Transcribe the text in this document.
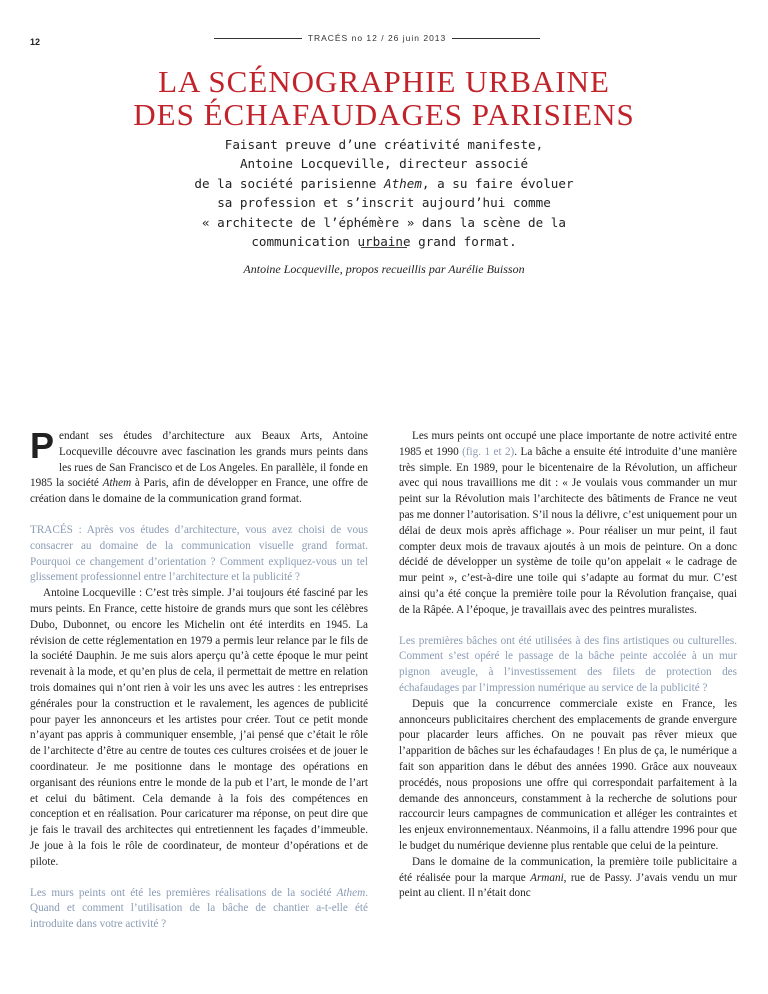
12	TRACÉS no 12 / 26 juin 2013
LA SCÉNOGRAPHIE URBAINE
DES ÉCHAFAUDAGES PARISIENS

Faisant preuve d’une créativité manifeste,
Antoine Locqueville, directeur associé
de la société parisienne Athem, a su faire évoluer
sa profession et s’inscrit aujourd’hui comme
« architecte de l’éphémère » dans la scène de la
communication urbaine grand format.

Antoine Locqueville, propos recueillis par Aurélie Buisson

Pendant ses études d’architecture aux Beaux Arts, Antoine Locqueville découvre avec fascination les grands murs peints dans les rues de San Francisco et de Los Angeles. En parallèle, il fonde en 1985 la société Athem à Paris, afin de développer en France, une offre de création dans le domaine de la communication grand format.

TRACÉS : Après vos études d’architecture, vous avez choisi de vous consacrer au domaine de la communication visuelle grand format. Pourquoi ce changement d’orientation ? Comment expliquez-vous un tel glissement professionnel entre l’architecture et la publicité ?

Antoine Locqueville : C’est très simple. J’ai toujours été fasciné par les murs peints. En France, cette histoire de grands murs que sont les célèbres Dubo, Dubonnet, ou encore les Michelin ont été interdits en 1945. La révision de cette réglementation en 1979 a permis leur relance par le fils de la société Dauphin. Je me suis alors aperçu qu’à cette époque le mur peint revenait à la mode, et qu’en plus de cela, il permettait de mettre en relation trois domaines qui n’ont rien à voir les uns avec les autres : les entreprises générales pour la construction et le ravalement, les agences de publicité pour payer les annonceurs et les artistes pour créer. Tout ce petit monde n’ayant pas appris à communiquer ensemble, j’ai pensé que c’était le rôle de l’architecte d’être au centre de toutes ces cultures croisées et de jouer le coordinateur. Je me positionne dans le montage des opérations en organisant des réunions entre le monde de la pub et l’art, le monde de l’art et celui du bâtiment. Cela demande à la fois des compétences en conception et en réalisation. Pour caricaturer ma réponse, on peut dire que je fais le travail des architectes qui entretiennent les façades d’immeuble. Je joue à la fois le rôle de coordinateur, de monteur d’opérations et de pilote.

Les murs peints ont été les premières réalisations de la société Athem. Quand et comment l’utilisation de la bâche de chantier a-t-elle été introduite dans votre activité ?

Les murs peints ont occupé une place importante de notre activité entre 1985 et 1990 (fig. 1 et 2). La bâche a ensuite été introduite d’une manière très simple. En 1989, pour le bicentenaire de la Révolution, un afficheur avec qui nous travaillions me dit : « Je voulais vous commander un mur peint sur la Révolution mais l’architecte des bâtiments de France ne veut pas me donner l’autorisation. S’il nous la délivre, c’est uniquement pour un délai de deux mois après affichage ». Pour réaliser un mur peint, il faut compter deux mois de travaux ajoutés à un mois de peinture. On a donc décidé de développer un système de toile qu’on appelait « le cadrage de mur peint », c’est-à-dire une toile qui s’adapte au format du mur. C’est ainsi qu’a été conçue la première toile pour la Révolution française, quai de la Râpée. A l’époque, je travaillais avec des peintres muralistes.

Les premières bâches ont été utilisées à des fins artistiques ou culturelles. Comment s’est opéré le passage de la bâche peinte accolée à un mur pignon aveugle, à l’investissement des filets de protection des échafaudages par l’impression numérique au service de la publicité ?

Depuis que la concurrence commerciale existe en France, les annonceurs publicitaires cherchent des emplacements de grande envergure pour placarder leurs affiches. On ne pouvait pas rêver mieux que l’apparition de bâches sur les échafaudages ! En plus de ça, le numérique a fait son apparition dans le début des années 1990. Grâce aux nouveaux procédés, nous proposions une offre qui correspondait parfaitement à la demande des annonceurs, constamment à la recherche de solutions pour raccourcir leurs campagnes de communication et alléger les contraintes et les enjeux environnementaux. Néanmoins, il a fallu attendre 1996 pour que le budget du numérique devienne plus rentable que celui de la peinture.

Dans le domaine de la communication, la première toile publicitaire a été réalisée pour la marque Armani, rue de Passy. J’avais vendu un mur peint au client. Il n’était donc
